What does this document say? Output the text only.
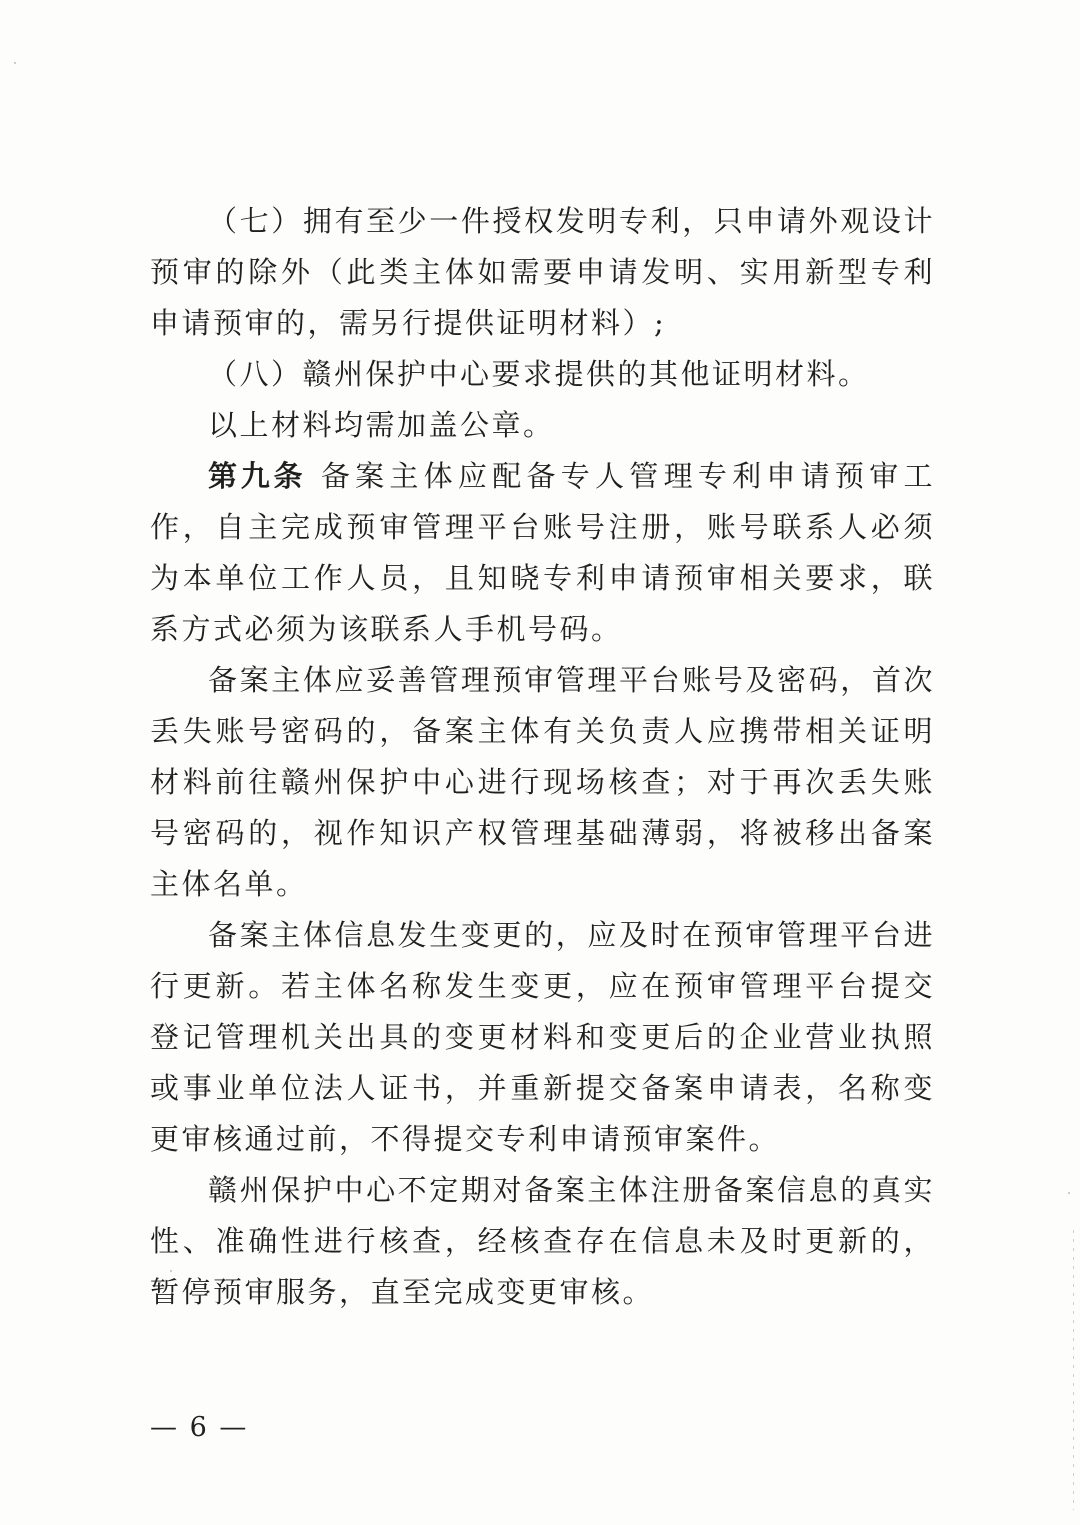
（七）拥有至少一件授权发明专利，只申请外观设计预审的除外（此类主体如需要申请发明、实用新型专利申请预审的，需另行提供证明材料）;

（八）赣州保护中心要求提供的其他证明材料。

以上材料均需加盖公章。

第九条 备案主体应配备专人管理专利申请预审工作，自主完成预审管理平台账号注册，账号联系人必须为本单位工作人员，且知晓专利申请预审相关要求，联系方式必须为该联系人手机号码。

备案主体应妥善管理预审管理平台账号及密码，首次丢失账号密码的，备案主体有关负责人应携带相关证明材料前往赣州保护中心进行现场核查；对于再次丢失账号密码的，视作知识产权管理基础薄弱，将被移出备案主体名单。

备案主体信息发生变更的，应及时在预审管理平台进行更新。若主体名称发生变更，应在预审管理平台提交登记管理机关出具的变更材料和变更后的企业营业执照或事业单位法人证书，并重新提交备案申请表，名称变更审核通过前，不得提交专利申请预审案件。

赣州保护中心不定期对备案主体注册备案信息的真实性、准确性进行核查，经核查存在信息未及时更新的，暂停预审服务，直至完成变更审核。

— 6 —
